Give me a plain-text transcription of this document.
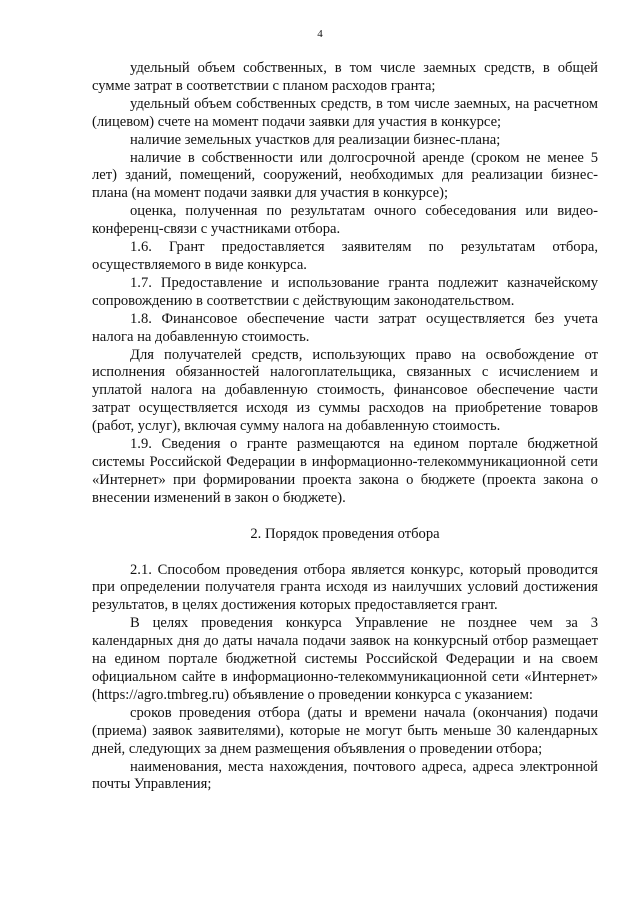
4

удельный объем собственных, в том числе заемных средств, в общей сумме затрат в соответствии с планом расходов гранта;

удельный объем собственных средств, в том числе заемных, на расчетном (лицевом) счете на момент подачи заявки для участия в конкурсе;

наличие земельных участков для реализации бизнес-плана;

наличие в собственности или долгосрочной аренде (сроком не менее 5 лет) зданий, помещений, сооружений, необходимых для реализации бизнес-плана (на момент подачи заявки для участия в конкурсе);

оценка, полученная по результатам очного собеседования или видео-конференц-связи с участниками отбора.

1.6. Грант предоставляется заявителям по результатам отбора, осуществляемого в виде конкурса.

1.7. Предоставление и использование гранта подлежит казначейскому сопровождению в соответствии с действующим законодательством.

1.8. Финансовое обеспечение части затрат осуществляется без учета налога на добавленную стоимость.

Для получателей средств, использующих право на освобождение от исполнения обязанностей налогоплательщика, связанных с исчислением и уплатой налога на добавленную стоимость, финансовое обеспечение части затрат осуществляется исходя из суммы расходов на приобретение товаров (работ, услуг), включая сумму налога на добавленную стоимость.

1.9. Сведения о гранте размещаются на едином портале бюджетной системы Российской Федерации в информационно-телекоммуникационной сети «Интернет» при формировании проекта закона о бюджете (проекта закона о внесении изменений в закон о бюджете).

2. Порядок проведения отбора

2.1. Способом проведения отбора является конкурс, который проводится при определении получателя гранта исходя из наилучших условий достижения результатов, в целях достижения которых предоставляется грант.

В целях проведения конкурса Управление не позднее чем за 3 календарных дня до даты начала подачи заявок на конкурсный отбор размещает на едином портале бюджетной системы Российской Федерации и на своем официальном сайте в информационно-телекоммуникационной сети «Интернет» (https://agro.tmbreg.ru) объявление о проведении конкурса с указанием:

сроков проведения отбора (даты и времени начала (окончания) подачи (приема) заявок заявителями), которые не могут быть меньше 30 календарных дней, следующих за днем размещения объявления о проведении отбора;

наименования, места нахождения, почтового адреса, адреса электронной почты Управления;
